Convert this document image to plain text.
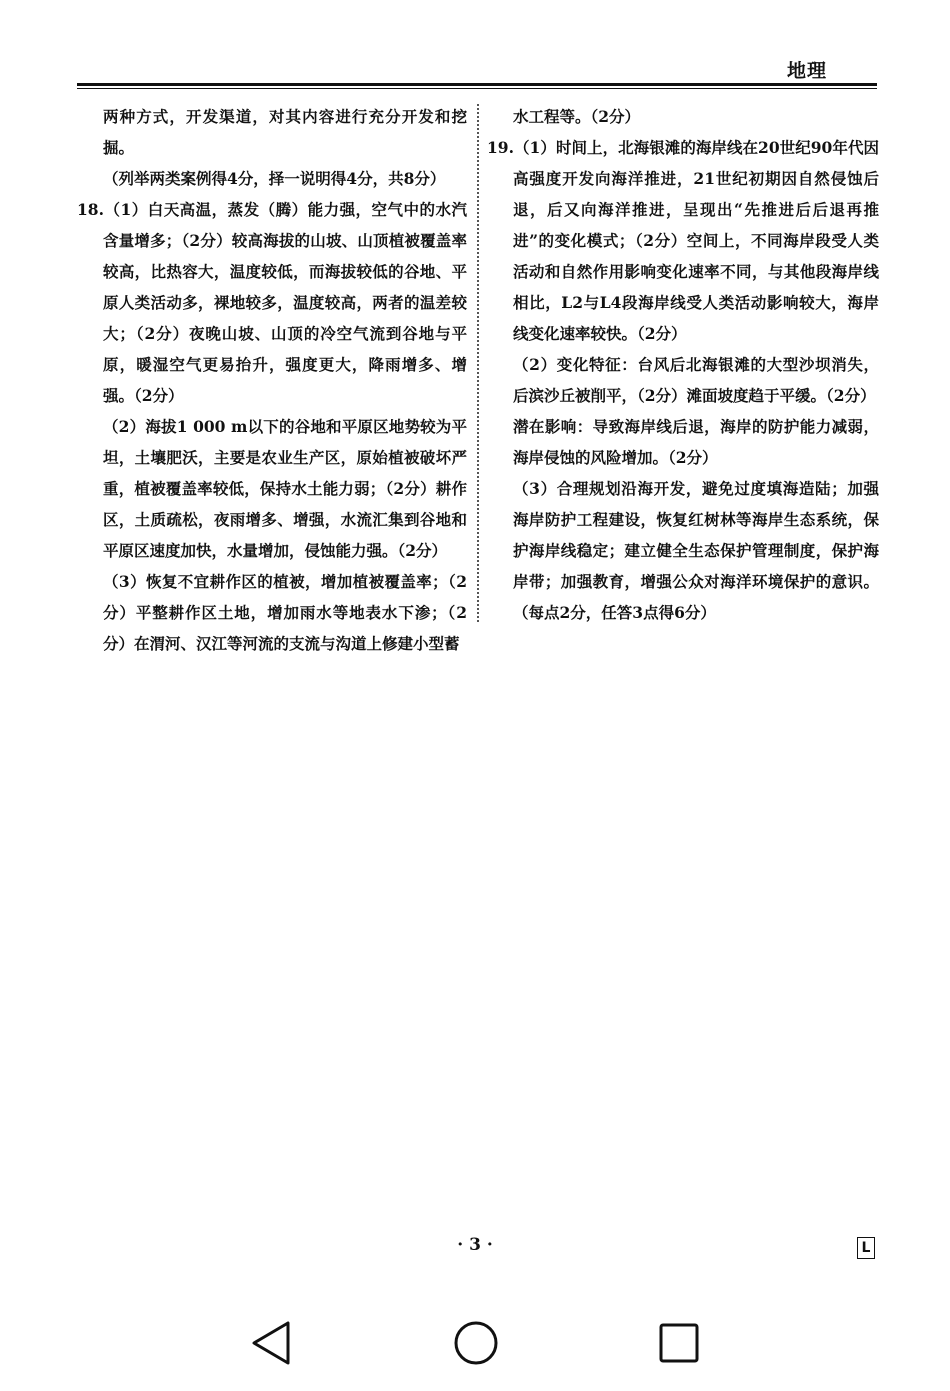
地理

两种方式，开发渠道，对其内容进行充分开发和挖掘。

（列举两类案例得4分，择一说明得4分，共8分）

18.（1）白天高温，蒸发（腾）能力强，空气中的水汽含量增多；（2分）较高海拔的山坡、山顶植被覆盖率较高，比热容大，温度较低，而海拔较低的谷地、平原人类活动多，裸地较多，温度较高，两者的温差较大；（2分）夜晚山坡、山顶的冷空气流到谷地与平原，暖湿空气更易抬升，强度更大，降雨增多、增强。（2分）

（2）海拔1 000 m以下的谷地和平原区地势较为平坦，土壤肥沃，主要是农业生产区，原始植被破坏严重，植被覆盖率较低，保持水土能力弱；（2分）耕作区，土质疏松，夜雨增多、增强，水流汇集到谷地和平原区速度加快，水量增加，侵蚀能力强。（2分）

（3）恢复不宜耕作区的植被，增加植被覆盖率；（2分）平整耕作区土地，增加雨水等地表水下渗；（2分）在渭河、汉江等河流的支流与沟道上修建小型蓄

水工程等。（2分）

19.（1）时间上，北海银滩的海岸线在20世纪90年代因高强度开发向海洋推进，21世纪初期因自然侵蚀后退，后又向海洋推进，呈现出“先推进后后退再推进”的变化模式；（2分）空间上，不同海岸段受人类活动和自然作用影响变化速率不同，与其他段海岸线相比，L2与L4段海岸线受人类活动影响较大，海岸线变化速率较快。（2分）

（2）变化特征：台风后北海银滩的大型沙坝消失，后滨沙丘被削平，（2分）滩面坡度趋于平缓。（2分）

潜在影响：导致海岸线后退，海岸的防护能力减弱，海岸侵蚀的风险增加。（2分）

（3）合理规划沿海开发，避免过度填海造陆；加强海岸防护工程建设，恢复红树林等海岸生态系统，保护海岸线稳定；建立健全生态保护管理制度，保护海岸带；加强教育，增强公众对海洋环境保护的意识。（每点2分，任答3点得6分）

· 3 ·	L
